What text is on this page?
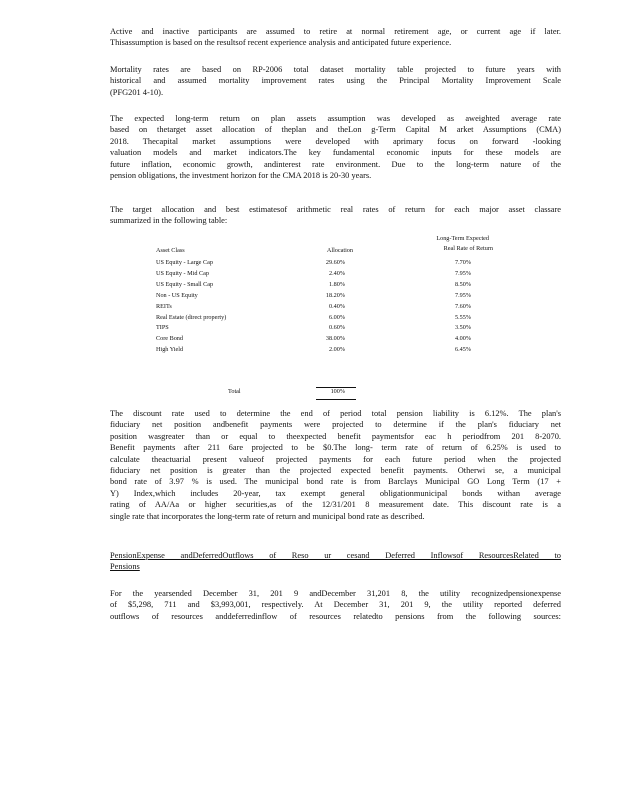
Active and inactive participants are assumed to retire at normal retirement age, or current age if later.
Thisassumption is based on the resultsof recent experience analysis and anticipated future experience.
Mortality rates are based on RP-2006 total dataset mortality table projected to future years with
historical and assumed mortality improvement rates using the Principal Mortality Improvement Scale
(PFG201 4-10).
The expected long-term return on plan assets assumption was developed as aweighted average rate
based on thetarget asset allocation of theplan and theLon g-Term Capital M arket Assumptions (CMA)
2018. Thecapital market assumptions were developed with aprimary focus on forward -looking
valuation models and market indicators.The key fundamental economic inputs for these models are
future inflation, economic growth, andinterest rate environment. Due to the long-term nature of the
pension obligations, the investment horizon for the CMA 2018 is 20-30 years.
The target allocation and best estimatesof arithmetic real rates of return for each major asset classare
summarized in the following table:
Long-Term Expected
Real Rate of Return
Asset Class	Allocation
US Equity - Large Cap	29.60%	7.70%
US Equity - Mid Cap	2.40%	7.95%
US Equity - Small Cap	1.80%	8.50%
Non - US Equity	18.20%	7.95%
REITs	0.40%	7.60%
Real Estate (direct property)	6.00%	5.55%
TIPS	0.60%	3.50%
Core Bond	38.00%	4.00%
High Yield	2.00%	6.45%
Total	100%
The discount rate used to determine the end of period total pension liability is 6.12%. The plan's
fiduciary net position andbenefit payments were projected to determine if the plan's fiduciary net
position wasgreater than or equal to theexpected benefit paymentsfor eac h periodfrom 201 8-2070.
Benefit payments after 211 6are projected to be $0.The long- term rate of return of 6.25% is used to
calculate theactuarial present valueof projected payments for each future period when the projected
fiduciary net position is greater than the projected expected benefit payments. Otherwi se, a municipal
bond rate of 3.97 % is used. The municipal bond rate is from Barclays Municipal GO Long Term (17 +
Y) Index,which includes 20-year, tax exempt general obligationmunicipal bonds withan average
rating of AA/Aa or higher securities,as of the 12/31/201 8 measurement date. This discount rate is a
single rate that incorporates the long-term rate of return and municipal bond rate as described.
PensionExpense andDeferredOutflows of Reso ur cesand Deferred Inflowsof ResourcesRelated to
Pensions
For the yearsended December 31, 201 9 andDecember 31,201 8, the utility recognizedpensionexpense
of $5,298, 711 and $3,993,001, respectively. At December 31, 201 9, the utility reported deferred
outflows of resources anddeferredinflow of resources relatedto pensions from the following sources:
